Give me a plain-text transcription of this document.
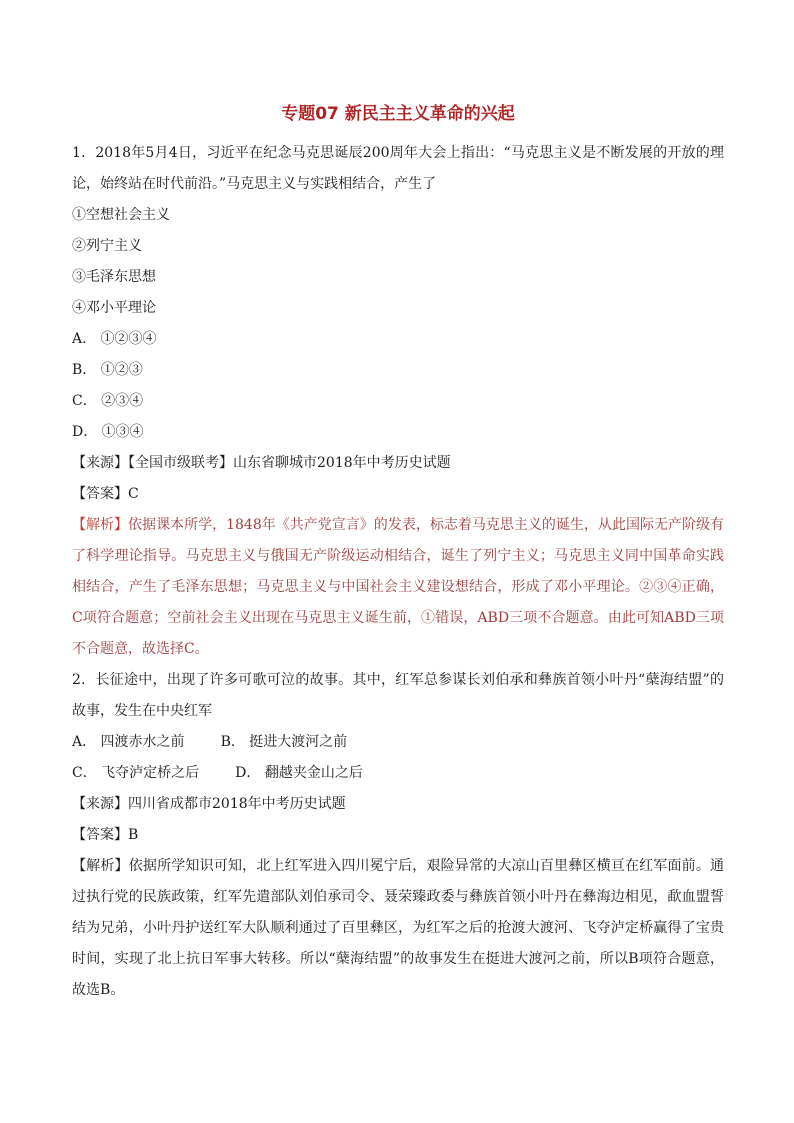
专题07 新民主主义革命的兴起
1．2018年5月4日，习近平在纪念马克思诞辰200周年大会上指出：“马克思主义是不断发展的开放的理论，始终站在时代前沿。”马克思主义与实践相结合，产生了
①空想社会主义
②列宁主义
③毛泽东思想
④邓小平理论
A． ①②③④
B． ①②③
C． ②③④
D． ①③④
【来源】【全国市级联考】山东省聊城市2018年中考历史试题
【答案】C
【解析】依据课本所学，1848年《共产党宣言》的发表，标志着马克思主义的诞生，从此国际无产阶级有了科学理论指导。马克思主义与俄国无产阶级运动相结合，诞生了列宁主义；马克思主义同中国革命实践相结合，产生了毛泽东思想；马克思主义与中国社会主义建设想结合，形成了邓小平理论。②③④正确，C项符合题意；空前社会主义出现在马克思主义诞生前，①错误，ABD三项不合题意。由此可知ABD三项不合题意，故选择C。
2．长征途中，出现了许多可歌可泣的故事。其中，红军总参谋长刘伯承和彝族首领小叶丹“蘖海结盟”的故事，发生在中央红军
A． 四渡赤水之前	B． 挺进大渡河之前
C． 飞夺泸定桥之后	D． 翻越夹金山之后
【来源】四川省成都市2018年中考历史试题
【答案】B
【解析】依据所学知识可知，北上红军进入四川冕宁后，艰险异常的大凉山百里彝区横亘在红军面前。通过执行党的民族政策，红军先遣部队刘伯承司令、聂荣臻政委与彝族首领小叶丹在彝海边相见，歃血盟誓结为兄弟，小叶丹护送红军大队顺利通过了百里彝区，为红军之后的抢渡大渡河、飞夺泸定桥赢得了宝贵时间，实现了北上抗日军事大转移。所以“蘖海结盟”的故事发生在挺进大渡河之前，所以B项符合题意，故选B。
